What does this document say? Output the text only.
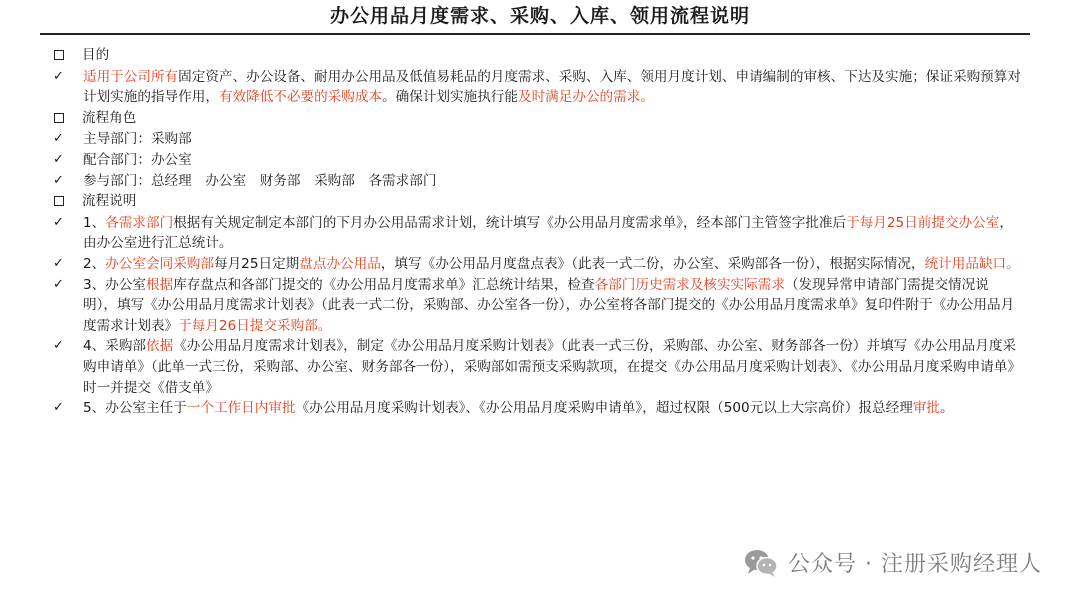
办公用品月度需求、采购、入库、领用流程说明
目的
✓	适用于公司所有固定资产、办公设备、耐用办公用品及低值易耗品的月度需求、采购、入库、领用月度计划、申请编制的审核、下达及实施；保证采购预算对计划实施的指导作用，有效降低不必要的采购成本。确保计划实施执行能及时满足办公的需求。
流程角色
✓	主导部门：采购部
✓	配合部门：办公室
✓	参与部门：总经理　办公室　财务部　采购部　各需求部门
流程说明
✓	1、各需求部门根据有关规定制定本部门的下月办公用品需求计划，统计填写《办公用品月度需求单》，经本部门主管签字批准后于每月25日前提交办公室，由办公室进行汇总统计。
✓	2、办公室会同采购部每月25日定期盘点办公用品，填写《办公用品月度盘点表》（此表一式二份，办公室、采购部各一份），根据实际情况，统计用品缺口。
✓	3、办公室根据库存盘点和各部门提交的《办公用品月度需求单》汇总统计结果，检查各部门历史需求及核实实际需求（发现异常申请部门需提交情况说明），填写《办公用品月度需求计划表》（此表一式二份，采购部、办公室各一份），办公室将各部门提交的《办公用品月度需求单》复印件附于《办公用品月度需求计划表》于每月26日提交采购部。
✓	4、采购部依据《办公用品月度需求计划表》，制定《办公用品月度采购计划表》（此表一式三份，采购部、办公室、财务部各一份）并填写《办公用品月度采购申请单》（此单一式三份，采购部、办公室、财务部各一份），采购部如需预支采购款项，在提交《办公用品月度采购计划表》、《办公用品月度采购申请单》时一并提交《借支单》
✓	5、办公室主任于一个工作日内审批《办公用品月度采购计划表》、《办公用品月度采购申请单》，超过权限（500元以上大宗高价）报总经理审批。
公众号 · 注册采购经理人
